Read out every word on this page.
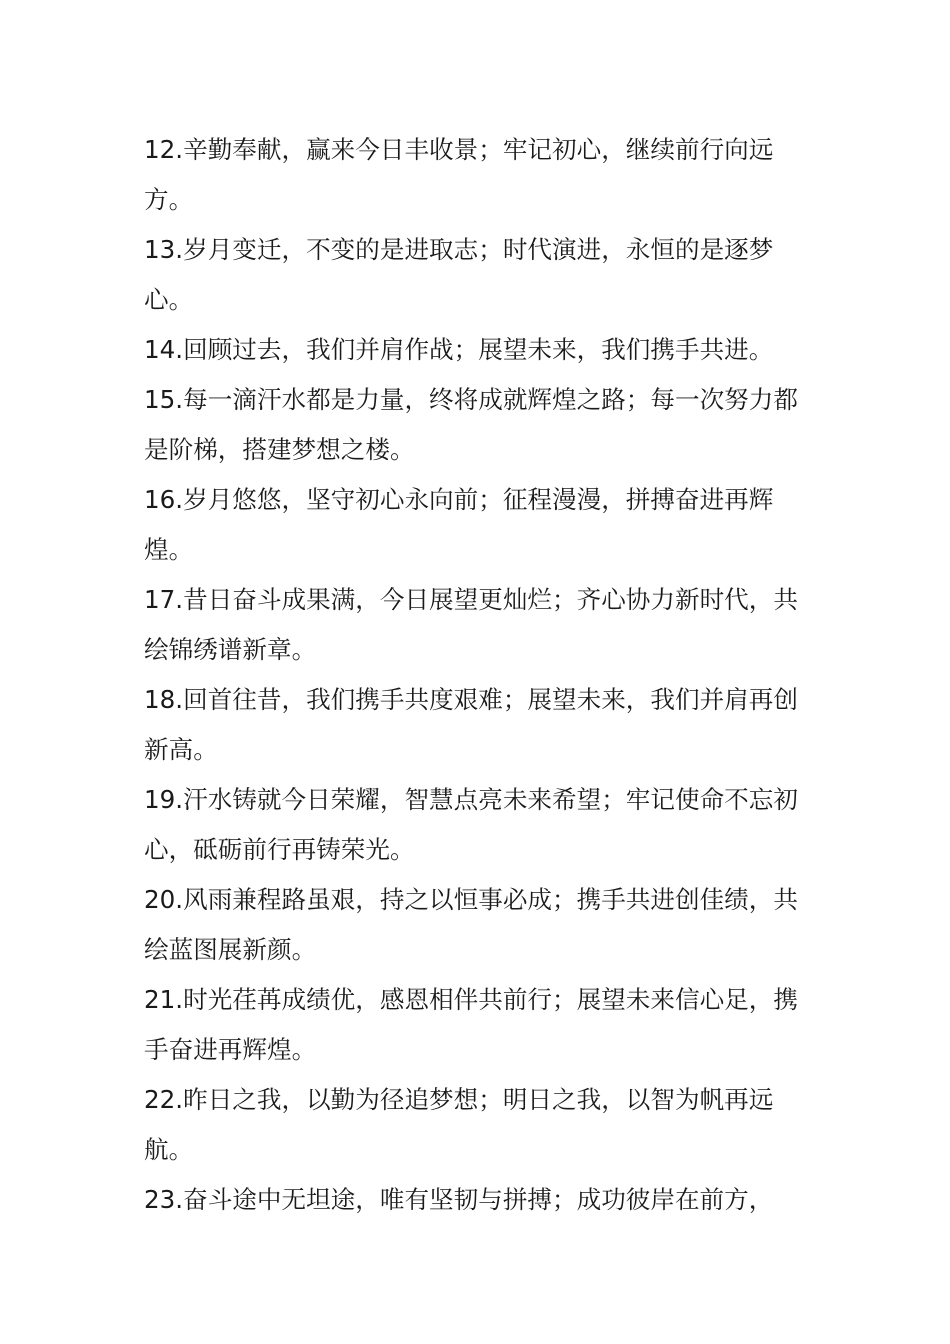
12.辛勤奉献，赢来今日丰收景；牢记初心，继续前行向远方。

13.岁月变迁，不变的是进取志；时代演进，永恒的是逐梦心。

14.回顾过去，我们并肩作战；展望未来，我们携手共进。

15.每一滴汗水都是力量，终将成就辉煌之路；每一次努力都是阶梯，搭建梦想之楼。

16.岁月悠悠，坚守初心永向前；征程漫漫，拼搏奋进再辉煌。

17.昔日奋斗成果满，今日展望更灿烂；齐心协力新时代，共绘锦绣谱新章。

18.回首往昔，我们携手共度艰难；展望未来，我们并肩再创新高。

19.汗水铸就今日荣耀，智慧点亮未来希望；牢记使命不忘初心，砥砺前行再铸荣光。

20.风雨兼程路虽艰，持之以恒事必成；携手共进创佳绩，共绘蓝图展新颜。

21.时光荏苒成绩优，感恩相伴共前行；展望未来信心足，携手奋进再辉煌。

22.昨日之我，以勤为径追梦想；明日之我，以智为帆再远航。

23.奋斗途中无坦途，唯有坚韧与拼搏；成功彼岸在前方，
